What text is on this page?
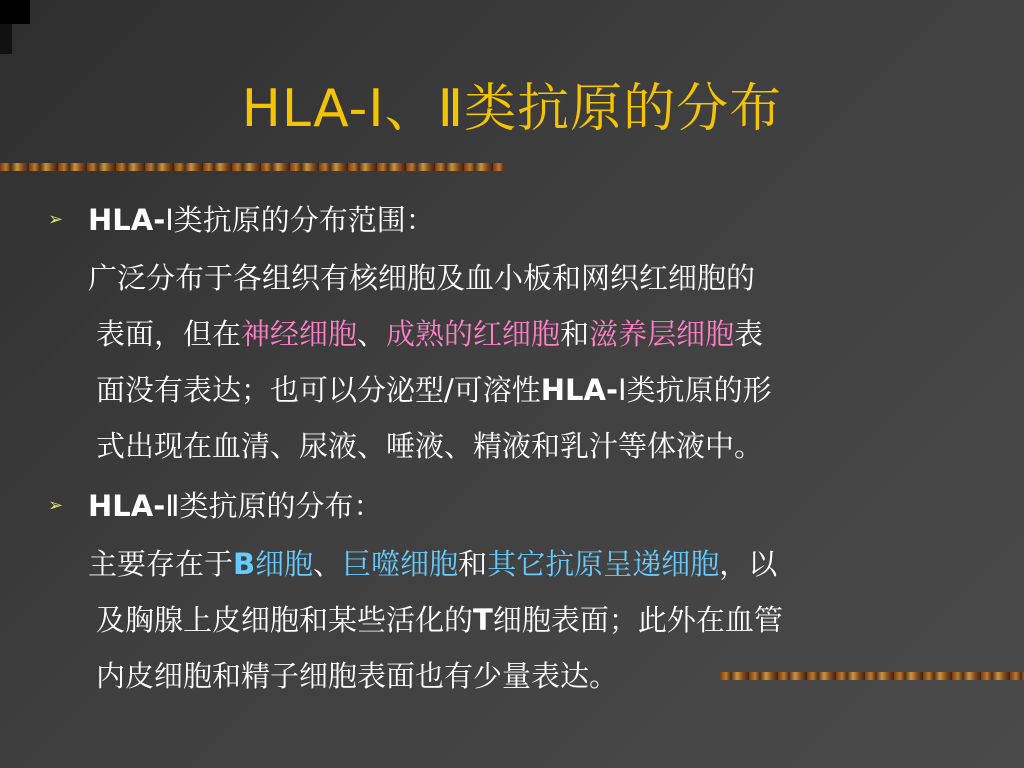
HLA-Ⅰ、Ⅱ类抗原的分布
➢ HLA-Ⅰ类抗原的分布范围：
广泛分布于各组织有核细胞及血小板和网织红细胞的
表面，但在神经细胞、成熟的红细胞和滋养层细胞表
面没有表达；也可以分泌型/可溶性HLA-Ⅰ类抗原的形
式出现在血清、尿液、唾液、精液和乳汁等体液中。
➢ HLA-Ⅱ类抗原的分布：
主要存在于B细胞、巨噬细胞和其它抗原呈递细胞，以
及胸腺上皮细胞和某些活化的T细胞表面；此外在血管
内皮细胞和精子细胞表面也有少量表达。
